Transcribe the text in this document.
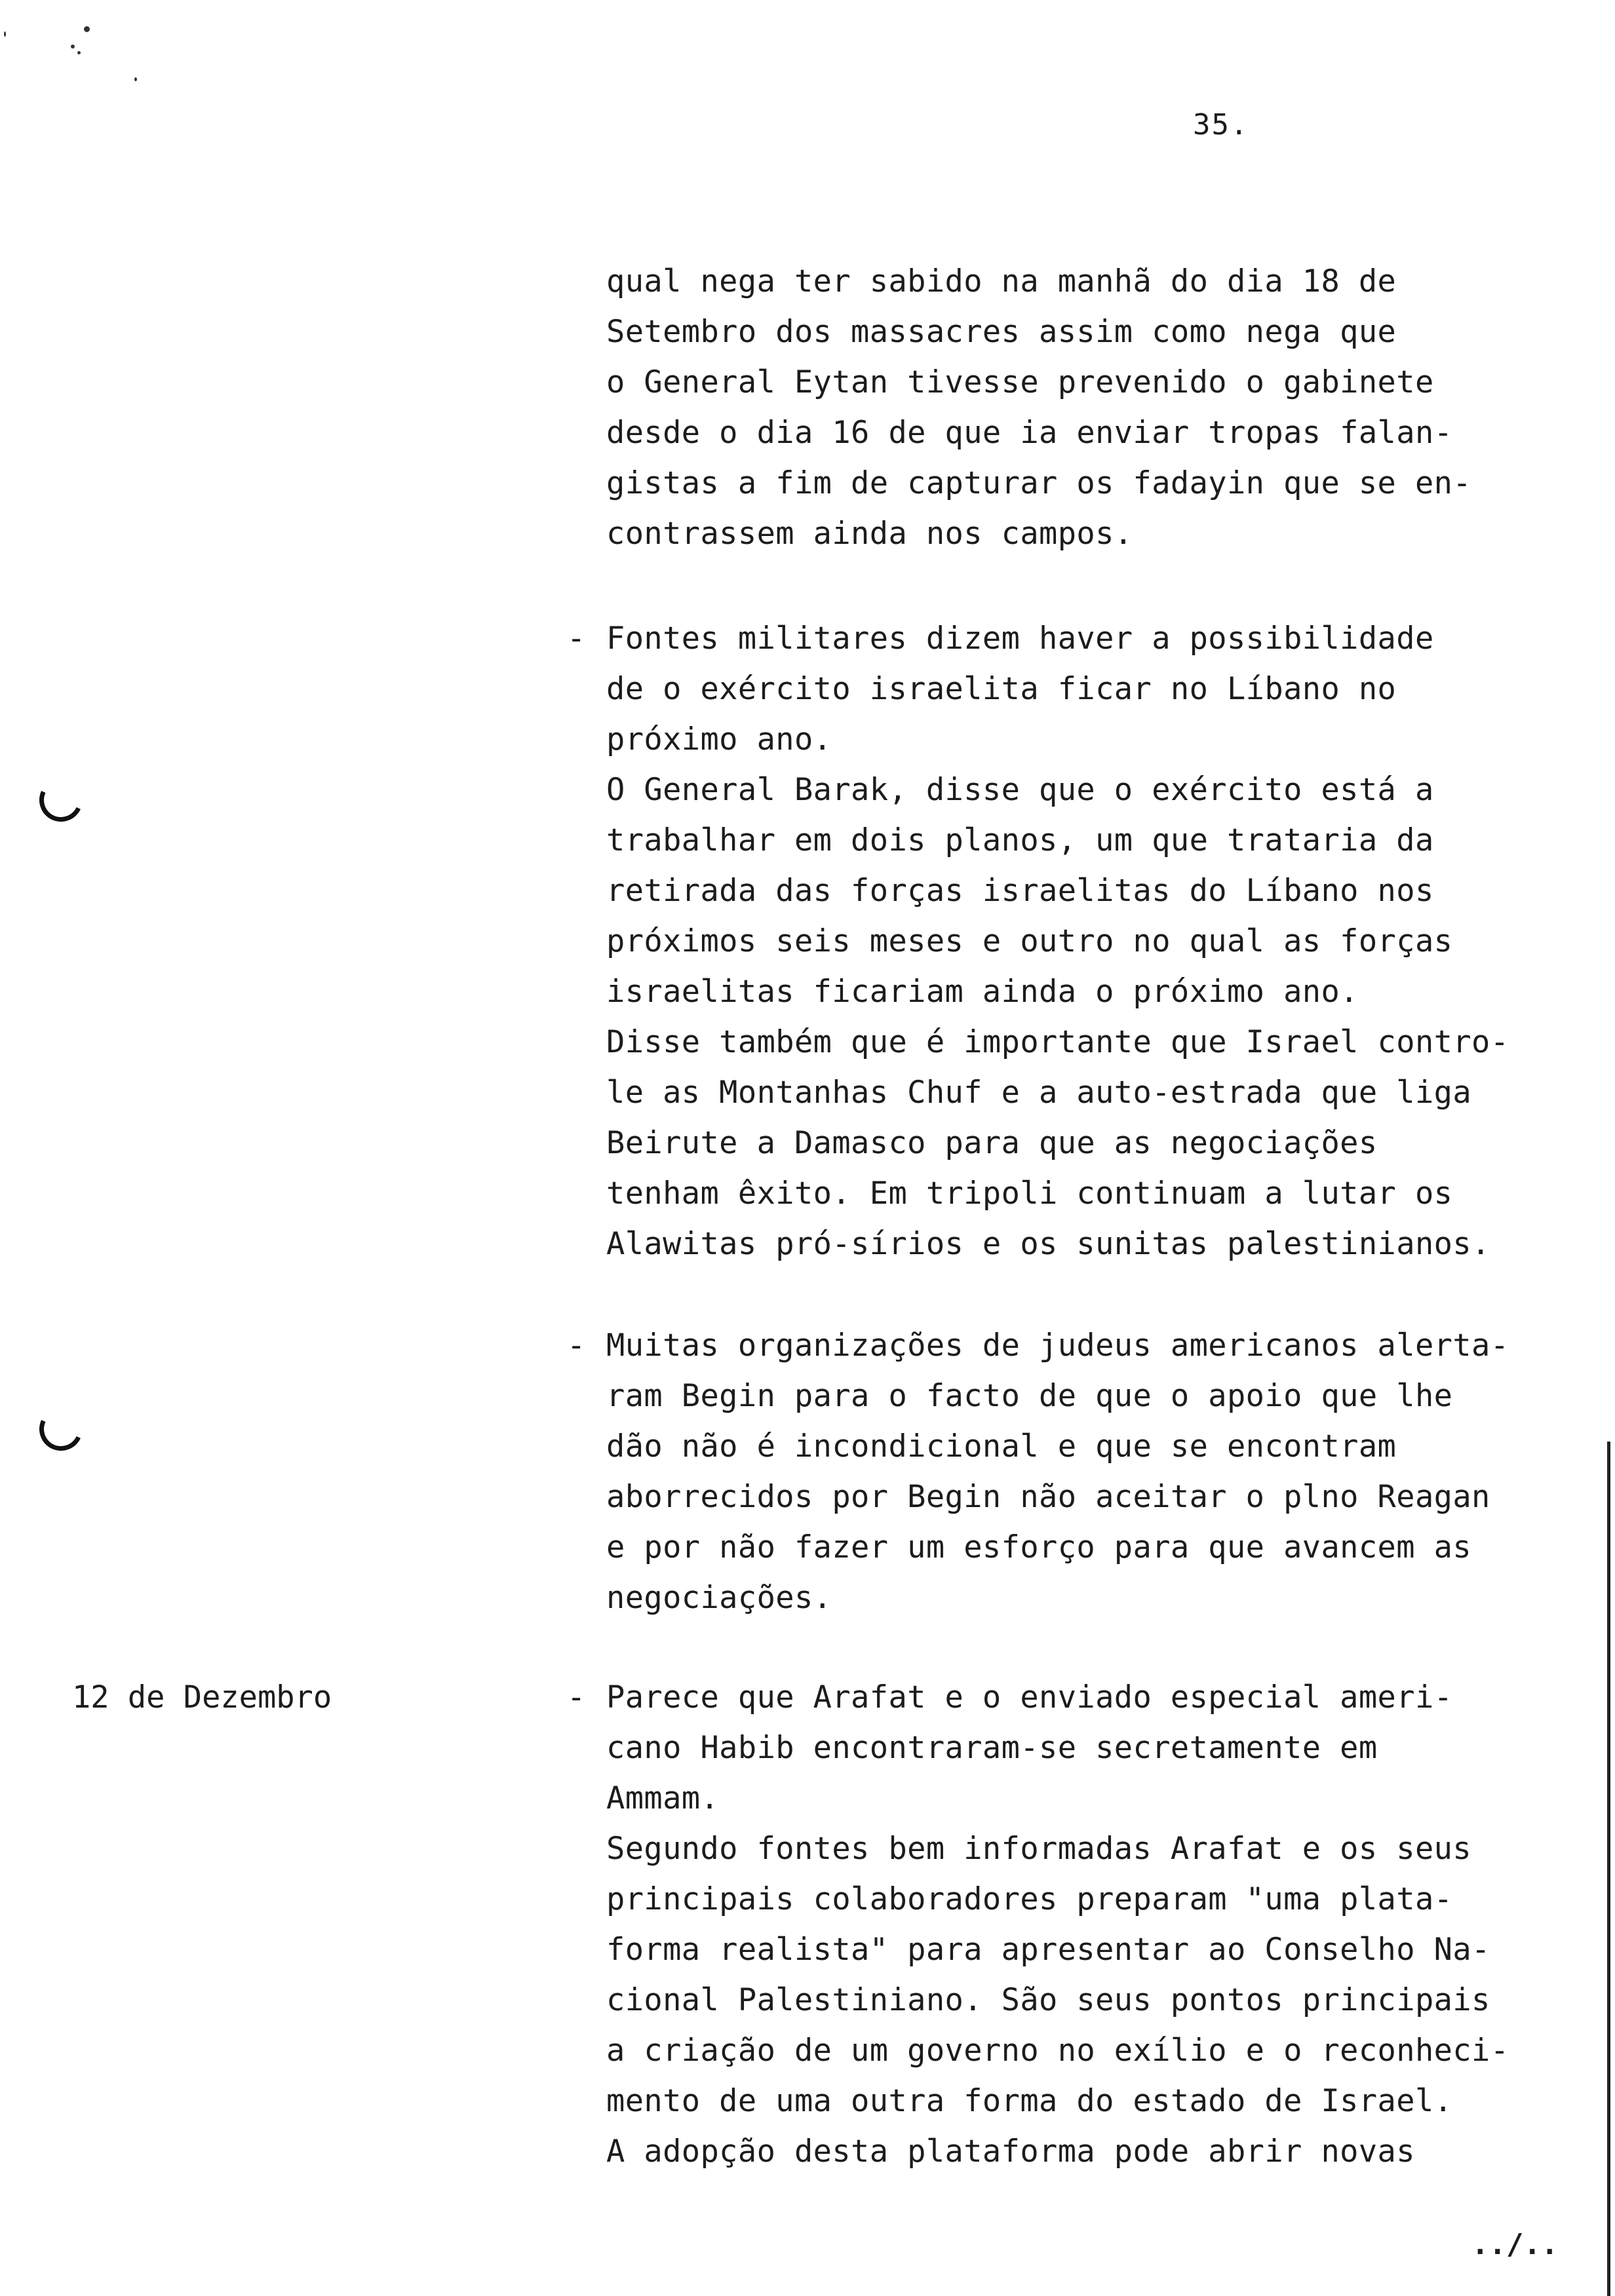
35.
12 de Dezembro
qual nega ter sabido na manhã do dia 18 de
Setembro dos massacres assim como nega que
o General Eytan tivesse prevenido o gabinete
desde o dia 16 de que ia enviar tropas falan-
gistas a fim de capturar os fadayin que se en-
contrassem ainda nos campos.
- Fontes militares dizem haver a possibilidade
de o exército israelita ficar no Líbano no
próximo ano.
O General Barak, disse que o exército está a
trabalhar em dois planos, um que trataria da
retirada das forças israelitas do Líbano nos
próximos seis meses e outro no qual as forças
israelitas ficariam ainda o próximo ano.
Disse também que é importante que Israel contro-
le as Montanhas Chuf e a auto-estrada que liga
Beirute a Damasco para que as negociações
tenham êxito. Em tripoli continuam a lutar os
Alawitas pró-sírios e os sunitas palestinianos.
- Muitas organizações de judeus americanos alerta-
ram Begin para o facto de que o apoio que lhe
dão não é incondicional e que se encontram
aborrecidos por Begin não aceitar o plno Reagan
e por não fazer um esforço para que avancem as
negociações.
- Parece que Arafat e o enviado especial ameri-
cano Habib encontraram-se secretamente em
Ammam.
Segundo fontes bem informadas Arafat e os seus
principais colaboradores preparam "uma plata-
forma realista" para apresentar ao Conselho Na-
cional Palestiniano. São seus pontos principais
a criação de um governo no exílio e o reconheci-
mento de uma outra forma do estado de Israel.
A adopção desta plataforma pode abrir novas
../..
